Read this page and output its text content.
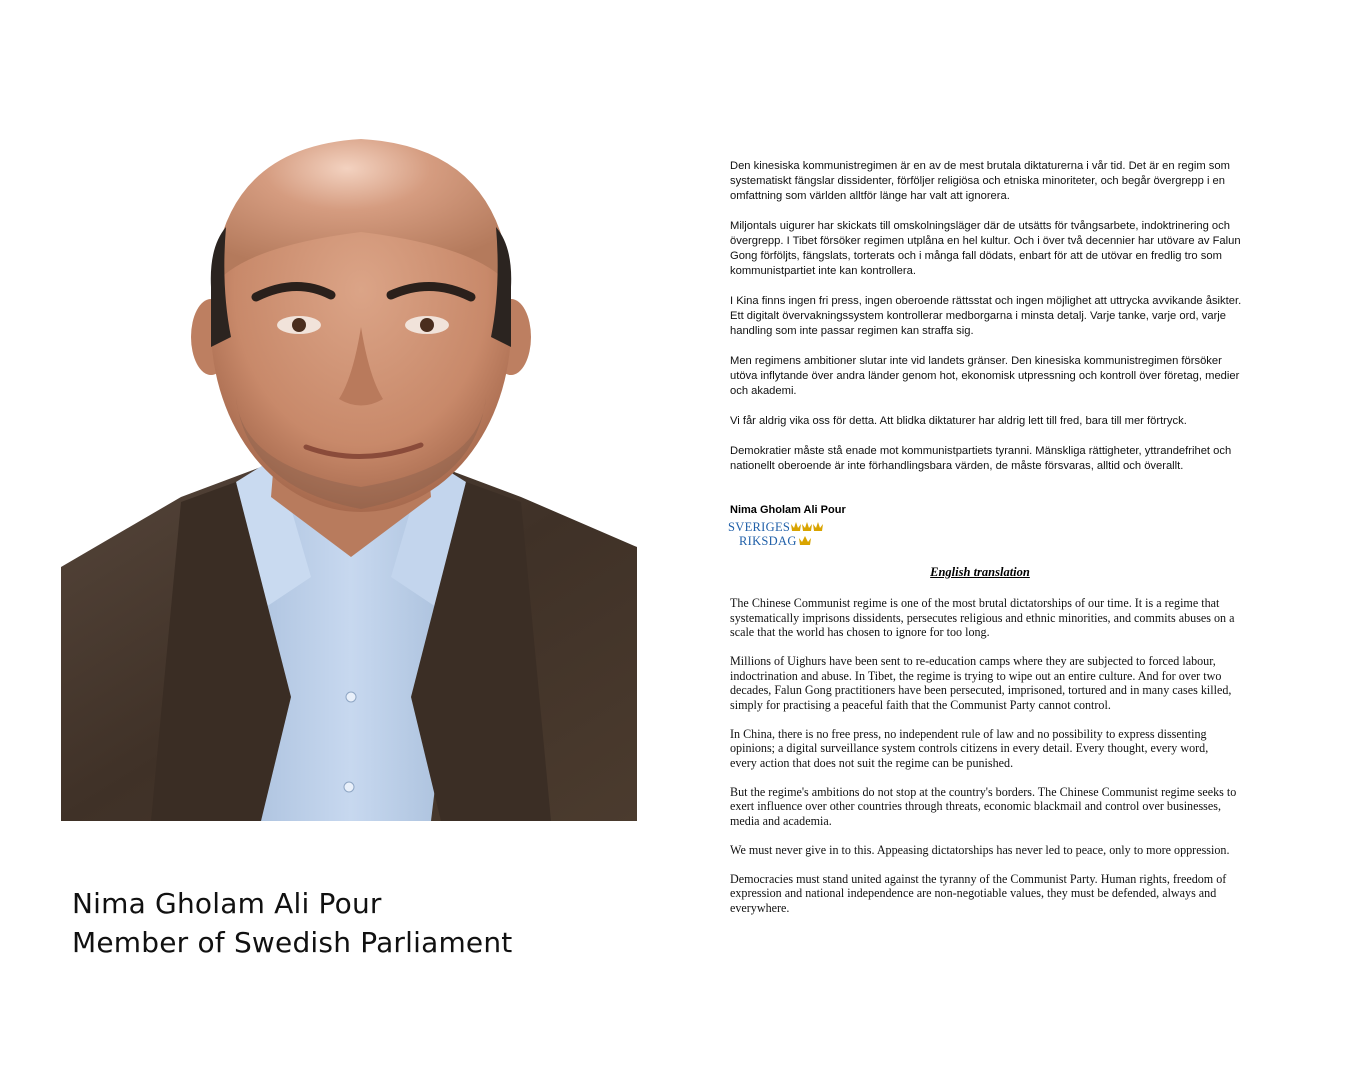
Nima Gholam Ali Pour
Member of Swedish Parliament

Den kinesiska kommunistregimen är en av de mest brutala diktaturerna i vår tid. Det är en regim som systematiskt fängslar dissidenter, förföljer religiösa och etniska minoriteter, och begår övergrepp i en omfattning som världen alltför länge har valt att ignorera.

Miljontals uigurer har skickats till omskolningsläger där de utsätts för tvångsarbete, indoktrinering och övergrepp. I Tibet försöker regimen utplåna en hel kultur. Och i över två decennier har utövare av Falun Gong förföljts, fängslats, torterats och i många fall dödats, enbart för att de utövar en fredlig tro som kommunistpartiet inte kan kontrollera.

I Kina finns ingen fri press, ingen oberoende rättsstat och ingen möjlighet att uttrycka avvikande åsikter. Ett digitalt övervakningssystem kontrollerar medborgarna i minsta detalj. Varje tanke, varje ord, varje handling som inte passar regimen kan straffa sig.

Men regimens ambitioner slutar inte vid landets gränser. Den kinesiska kommunistregimen försöker utöva inflytande över andra länder genom hot, ekonomisk utpressning och kontroll över företag, medier och akademi.

Vi får aldrig vika oss för detta. Att blidka diktaturer har aldrig lett till fred, bara till mer förtryck.

Demokratier måste stå enade mot kommunistpartiets tyranni. Mänskliga rättigheter, yttrandefrihet och nationellt oberoende är inte förhandlingsbara värden, de måste försvaras, alltid och överallt.

Nima Gholam Ali Pour
SVERIGES
RIKSDAG
English translation

The Chinese Communist regime is one of the most brutal dictatorships of our time. It is a regime that systematically imprisons dissidents, persecutes religious and ethnic minorities, and commits abuses on a scale that the world has chosen to ignore for too long.

Millions of Uighurs have been sent to re-education camps where they are subjected to forced labour, indoctrination and abuse. In Tibet, the regime is trying to wipe out an entire culture. And for over two decades, Falun Gong practitioners have been persecuted, imprisoned, tortured and in many cases killed, simply for practising a peaceful faith that the Communist Party cannot control.

In China, there is no free press, no independent rule of law and no possibility to express dissenting opinions; a digital surveillance system controls citizens in every detail. Every thought, every word, every action that does not suit the regime can be punished.

But the regime's ambitions do not stop at the country's borders. The Chinese Communist regime seeks to exert influence over other countries through threats, economic blackmail and control over businesses, media and academia.

We must never give in to this. Appeasing dictatorships has never led to peace, only to more oppression.

Democracies must stand united against the tyranny of the Communist Party. Human rights, freedom of expression and national independence are non-negotiable values, they must be defended, always and everywhere.
